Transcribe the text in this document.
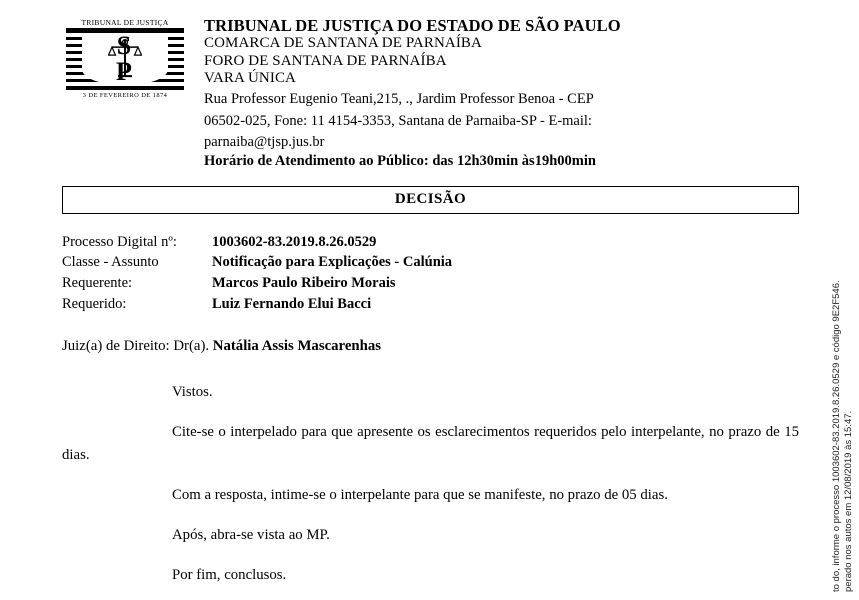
TRIBUNAL DE JUSTIÇA
S P
3 DE FEVEREIRO DE 1874
TRIBUNAL DE JUSTIÇA DO ESTADO DE SÃO PAULO
COMARCA DE SANTANA DE PARNAÍBA
FORO DE SANTANA DE PARNAÍBA
VARA ÚNICA
Rua Professor Eugenio Teani,215, ., Jardim Professor Benoa - CEP
06502-025, Fone: 11 4154-3353, Santana de Parnaiba-SP - E-mail:
parnaiba@tjsp.jus.br
Horário de Atendimento ao Público: das 12h30min às19h00min
DECISÃO
Processo Digital nº:	1003602-83.2019.8.26.0529
Classe - Assunto	Notificação para Explicações - Calúnia
Requerente:	Marcos Paulo Ribeiro Morais
Requerido:	Luiz Fernando Elui Bacci
Juiz(a) de Direito: Dr(a). Natália Assis Mascarenhas

Vistos.

Cite-se o interpelado para que apresente os esclarecimentos requeridos pelo interpelante, no prazo de 15 dias.

Com a resposta, intime-se o interpelante para que se manifeste, no prazo de 05 dias.

Após, abra-se vista ao MP.

Por fim, conclusos.	perado nos autos em 12/08/2019 às 15:47.
to do, informe o processo 1003602-83.2019.8.26.0529 e código 9E2F546.
